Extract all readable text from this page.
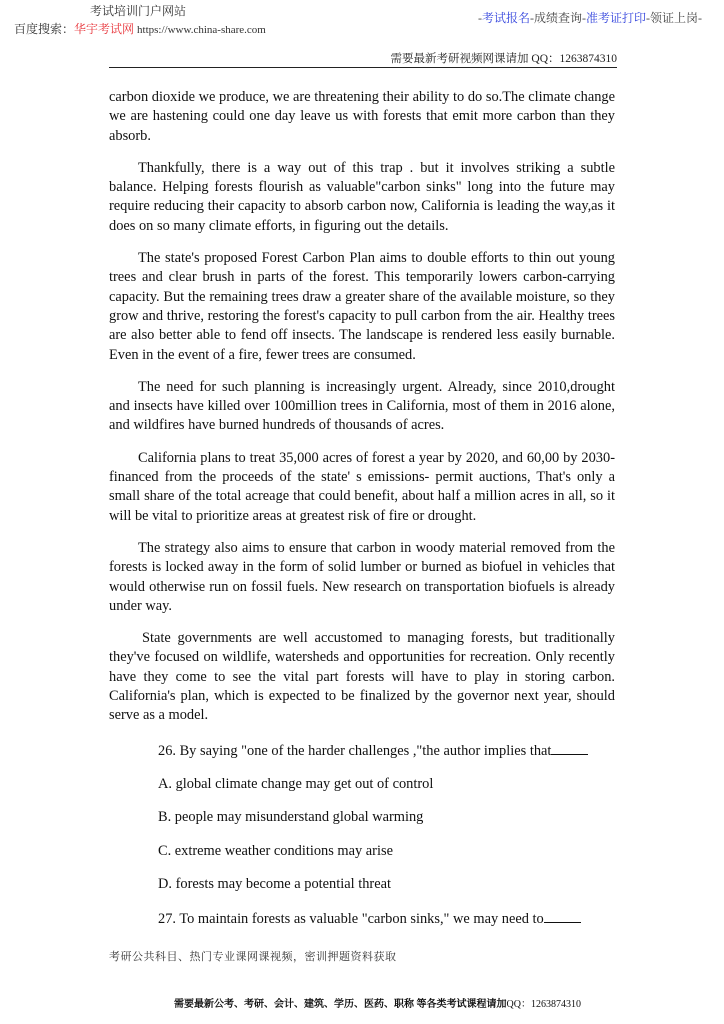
考试培训门户网站
百度搜索：华宇考试网 https://www.china-share.com
-考试报名-成绩查询-准考证打印-领证上岗-
需要最新考研视频网课请加 QQ：1263874310

carbon dioxide we produce, we are threatening their ability to do so.The climate change we are hastening could one day leave us with forests that emit more carbon than they absorb.

Thankfully, there is a way out of this trap . but it involves striking a subtle balance. Helping forests flourish as valuable"carbon sinks" long into the future may require reducing their capacity to absorb carbon now, California is leading the way,as it does on so many climate efforts, in figuring out the details.

The state's proposed Forest Carbon Plan aims to double efforts to thin out young trees and clear brush in parts of the forest. This temporarily lowers carbon-carrying capacity. But the remaining trees draw a greater share of the available moisture, so they grow and thrive, restoring the forest's capacity to pull carbon from the air. Healthy trees are also better able to fend off insects. The landscape is rendered less easily burnable. Even in the event of a fire, fewer trees are consumed.

The need for such planning is increasingly urgent. Already, since 2010,drought and insects have killed over 100million trees in California, most of them in 2016 alone, and wildfires have burned hundreds of thousands of acres.

California plans to treat 35,000 acres of forest a year by 2020, and 60,00 by 2030- financed from the proceeds of the state' s emissions- permit auctions, That's only a small share of the total acreage that could benefit, about half a million acres in all, so it will be vital to prioritize areas at greatest risk of fire or drought.

The strategy also aims to ensure that carbon in woody material removed from the forests is locked away in the form of solid lumber or burned as biofuel in vehicles that would otherwise run on fossil fuels. New research on transportation biofuels is already under way.

State governments are well accustomed to managing forests, but traditionally they've focused on wildlife, watersheds and opportunities for recreation. Only recently have they come to see the vital part forests will have to play in storing carbon. California's plan, which is expected to be finalized by the governor next year, should serve as a model.

26. By saying "one of the harder challenges ,"the author implies that
A. global climate change may get out of control
B. people may misunderstand global warming
C. extreme weather conditions may arise
D. forests may become a potential threat
27. To maintain forests as valuable "carbon sinks," we may need to
考研公共科目、热门专业课网课视频，密训押题资料获取
需要最新公考、考研、会计、建筑、学历、医药、职称 等各类考试课程请加QQ：1263874310
